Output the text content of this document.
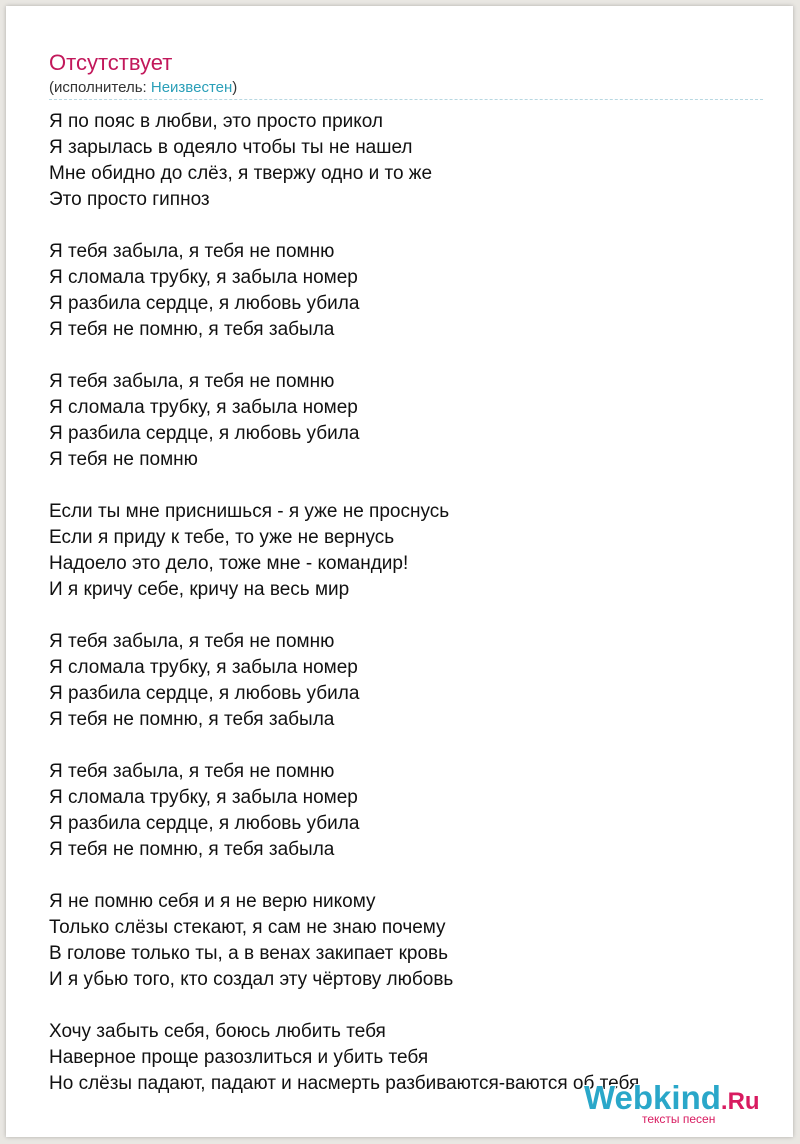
Отсутствует
(исполнитель: Неизвестен)
Я по пояс в любви, это просто прикол
Я зарылась в одеяло чтобы ты не нашел
Мне обидно до слёз, я твержу одно и то же
Это просто гипноз
Я тебя забыла, я тебя не помню
Я сломала трубку, я забыла номер
Я разбила сердце, я любовь убила
Я тебя не помню, я тебя забыла
Я тебя забыла, я тебя не помню
Я сломала трубку, я забыла номер
Я разбила сердце, я любовь убила
Я тебя не помню
Если ты мне приснишься - я уже не проснусь
Если я приду к тебе, то уже не вернусь
Надоело это дело, тоже мне - командир!
И я кричу себе, кричу на весь мир
Я тебя забыла, я тебя не помню
Я сломала трубку, я забыла номер
Я разбила сердце, я любовь убила
Я тебя не помню, я тебя забыла
Я тебя забыла, я тебя не помню
Я сломала трубку, я забыла номер
Я разбила сердце, я любовь убила
Я тебя не помню, я тебя забыла
Я не помню себя и я не верю никому
Только слёзы стекают, я сам не знаю почему
В голове только ты, а в венах закипает кровь
И я убью того, кто создал эту чёртову любовь
Хочу забыть себя, боюсь любить тебя
Наверное проще разозлиться и убить тебя
Но слёзы падают, падают и насмерть разбиваются-ваются об тебя
Webkind.Ru
тексты песен
